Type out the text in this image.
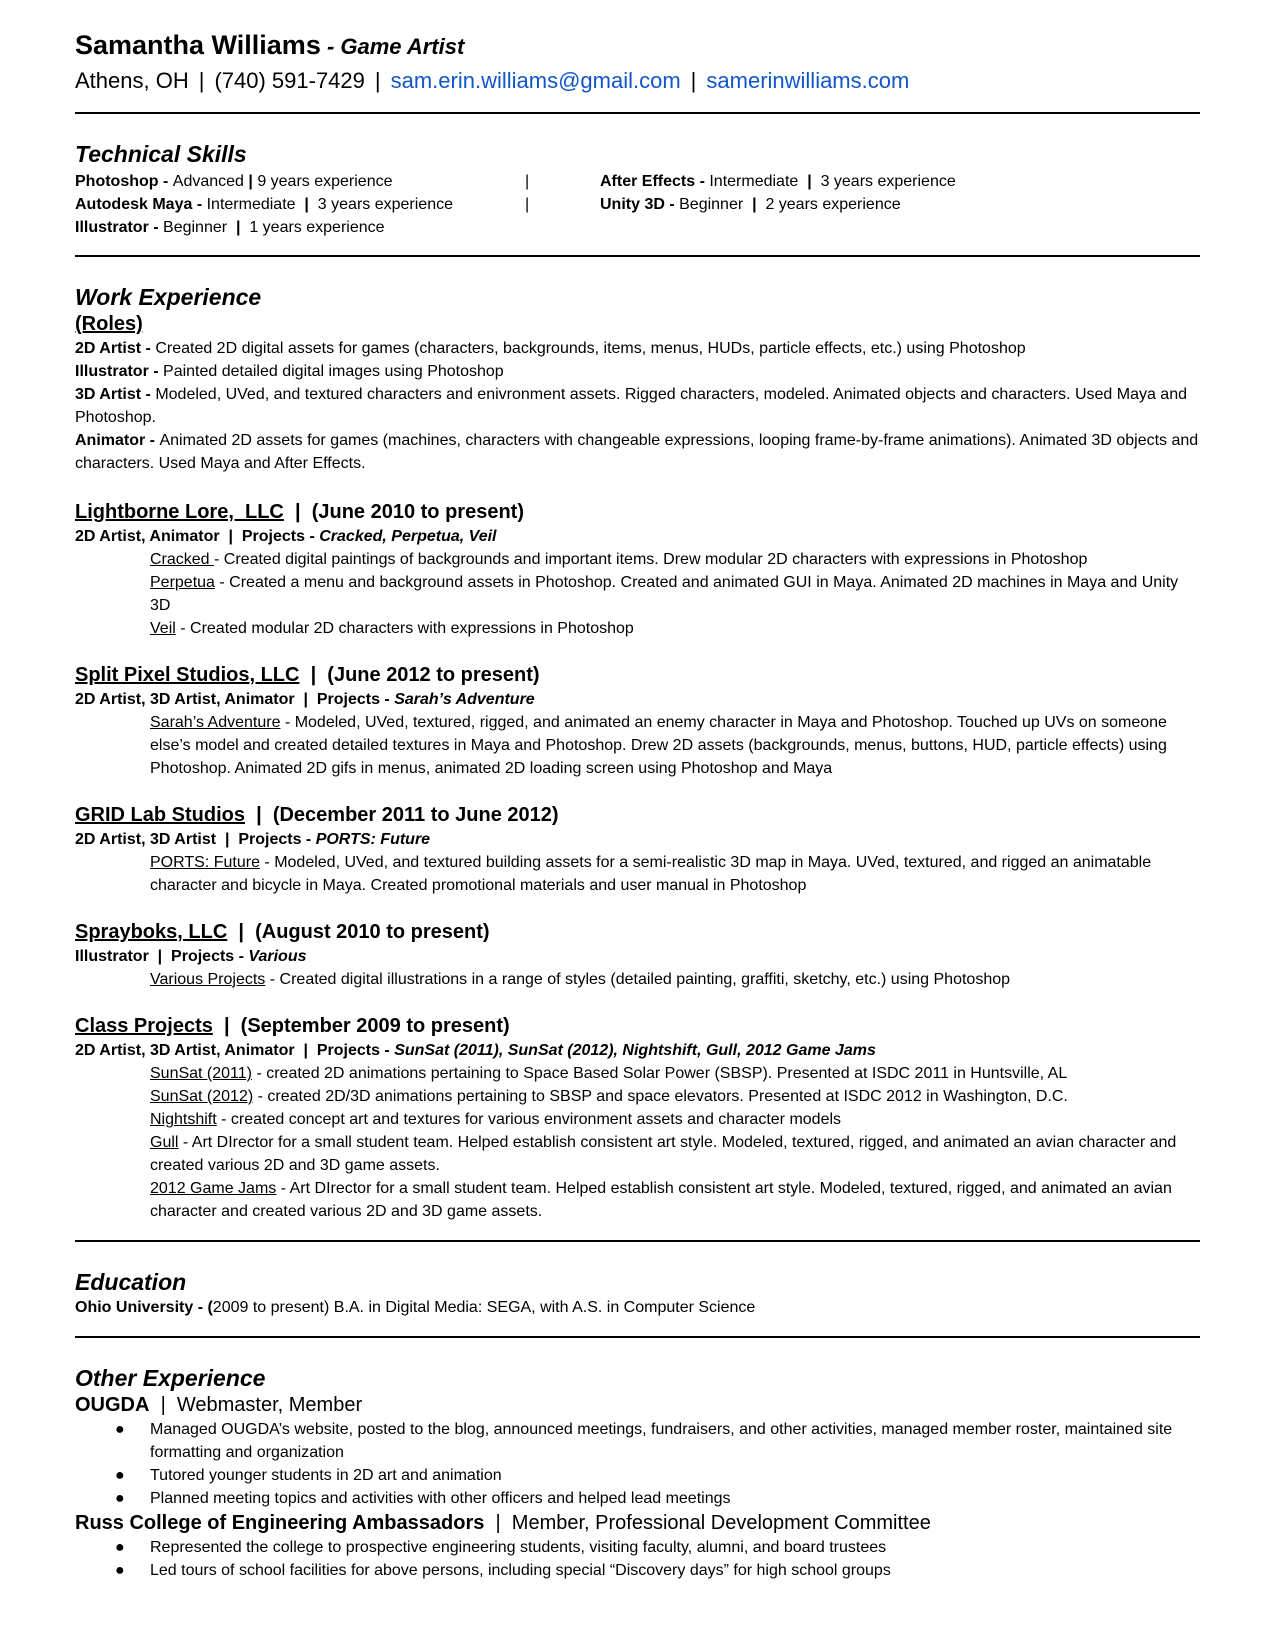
Samantha Williams - Game Artist
Athens, OH | (740) 591-7429 | sam.erin.williams@gmail.com | samerinwilliams.com
Technical Skills
Photoshop - Advanced | 9 years experience	|	After Effects - Intermediate  |  3 years experience
Autodesk Maya - Intermediate  |  3 years experience	|	Unity 3D - Beginner  |  2 years experience
Illustrator - Beginner  |  1 years experience
Work Experience
(Roles)
2D Artist - Created 2D digital assets for games (characters, backgrounds, items, menus, HUDs, particle effects, etc.) using Photoshop
Illustrator - Painted detailed digital images using Photoshop
3D Artist - Modeled, UVed, and textured characters and enivronment assets. Rigged characters, modeled. Animated objects and characters. Used Maya and Photoshop.
Animator - Animated 2D assets for games (machines, characters with changeable expressions, looping frame-by-frame animations). Animated 3D objects and characters. Used Maya and After Effects.
Lightborne Lore,  LLC  |  (June 2010 to present)
2D Artist, Animator  |  Projects - Cracked, Perpetua, Veil
Cracked - Created digital paintings of backgrounds and important items. Drew modular 2D characters with expressions in Photoshop
Perpetua - Created a menu and background assets in Photoshop. Created and animated GUI in Maya. Animated 2D machines in Maya and Unity 3D
Veil - Created modular 2D characters with expressions in Photoshop
Split Pixel Studios, LLC  |  (June 2012 to present)
2D Artist, 3D Artist, Animator  |  Projects - Sarah’s Adventure
Sarah’s Adventure - Modeled, UVed, textured, rigged, and animated an enemy character in Maya and Photoshop. Touched up UVs on someone else’s model and created detailed textures in Maya and Photoshop. Drew 2D assets (backgrounds, menus, buttons, HUD, particle effects) using Photoshop. Animated 2D gifs in menus, animated 2D loading screen using Photoshop and Maya
GRID Lab Studios  |  (December 2011 to June 2012)
2D Artist, 3D Artist  |  Projects - PORTS: Future
PORTS: Future - Modeled, UVed, and textured building assets for a semi-realistic 3D map in Maya. UVed, textured, and rigged an animatable character and bicycle in Maya. Created promotional materials and user manual in Photoshop
Sprayboks, LLC  |  (August 2010 to present)
Illustrator  |  Projects - Various
Various Projects - Created digital illustrations in a range of styles (detailed painting, graffiti, sketchy, etc.) using Photoshop
Class Projects  |  (September 2009 to present)
2D Artist, 3D Artist, Animator  |  Projects - SunSat (2011), SunSat (2012), Nightshift, Gull, 2012 Game Jams
SunSat (2011) - created 2D animations pertaining to Space Based Solar Power (SBSP). Presented at ISDC 2011 in Huntsville, AL
SunSat (2012) - created 2D/3D animations pertaining to SBSP and space elevators. Presented at ISDC 2012 in Washington, D.C.
Nightshift - created concept art and textures for various environment assets and character models
Gull - Art DIrector for a small student team. Helped establish consistent art style. Modeled, textured, rigged, and animated an avian character and created various 2D and 3D game assets.
2012 Game Jams - Art DIrector for a small student team. Helped establish consistent art style. Modeled, textured, rigged, and animated an avian character and created various 2D and 3D game assets.
Education
Ohio University - (2009 to present) B.A. in Digital Media: SEGA, with A.S. in Computer Science
Other Experience
OUGDA  |  Webmaster, Member
● Managed OUGDA’s website, posted to the blog, announced meetings, fundraisers, and other activities, managed member roster, maintained site formatting and organization
● Tutored younger students in 2D art and animation
● Planned meeting topics and activities with other officers and helped lead meetings
Russ College of Engineering Ambassadors  |  Member, Professional Development Committee
● Represented the college to prospective engineering students, visiting faculty, alumni, and board trustees
● Led tours of school facilities for above persons, including special “Discovery days” for high school groups
